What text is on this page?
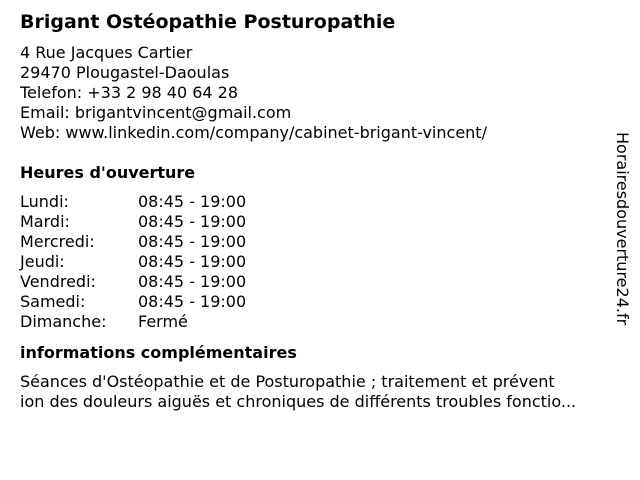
Brigant Ostéopathie Posturopathie
4 Rue Jacques Cartier
29470 Plougastel-Daoulas
Telefon: +33 2 98 40 64 28
Email: brigantvincent@gmail.com
Web: www.linkedin.com/company/cabinet-brigant-vincent/
Heures d'ouverture
Lundi:	08:45 - 19:00
Mardi:	08:45 - 19:00
Mercredi:	08:45 - 19:00
Jeudi:	08:45 - 19:00
Vendredi:	08:45 - 19:00
Samedi:	08:45 - 19:00
Dimanche:	Fermé
informations complémentaires
Séances d'Ostéopathie et de Posturopathie ; traitement et prévent
ion des douleurs aiguës et chroniques de différents troubles fonctio...
Horairesdouverture24.fr
